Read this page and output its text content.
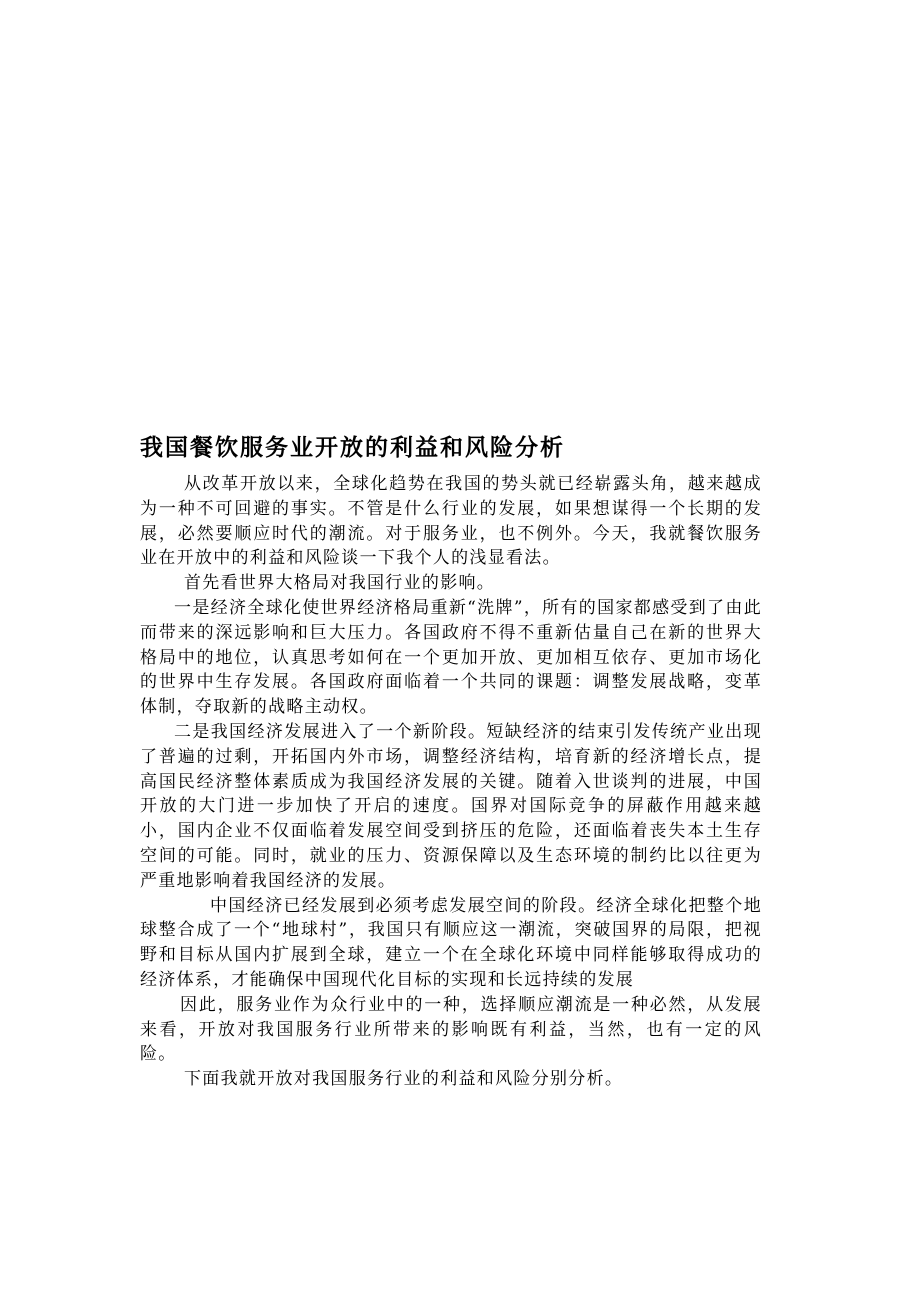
我国餐饮服务业开放的利益和风险分析

从改革开放以来，全球化趋势在我国的势头就已经崭露头角，越来越成为一种不可回避的事实。不管是什么行业的发展，如果想谋得一个长期的发展，必然要顺应时代的潮流。对于服务业，也不例外。今天，我就餐饮服务业在开放中的利益和风险谈一下我个人的浅显看法。

首先看世界大格局对我国行业的影响。

一是经济全球化使世界经济格局重新“洗牌”，所有的国家都感受到了由此而带来的深远影响和巨大压力。各国政府不得不重新估量自己在新的世界大格局中的地位，认真思考如何在一个更加开放、更加相互依存、更加市场化的世界中生存发展。各国政府面临着一个共同的课题：调整发展战略，变革体制，夺取新的战略主动权。

二是我国经济发展进入了一个新阶段。短缺经济的结束引发传统产业出现了普遍的过剩，开拓国内外市场，调整经济结构，培育新的经济增长点，提高国民经济整体素质成为我国经济发展的关键。随着入世谈判的进展，中国开放的大门进一步加快了开启的速度。国界对国际竞争的屏蔽作用越来越小，国内企业不仅面临着发展空间受到挤压的危险，还面临着丧失本土生存空间的可能。同时，就业的压力、资源保障以及生态环境的制约比以往更为严重地影响着我国经济的发展。

中国经济已经发展到必须考虑发展空间的阶段。经济全球化把整个地球整合成了一个“地球村”，我国只有顺应这一潮流，突破国界的局限，把视野和目标从国内扩展到全球，建立一个在全球化环境中同样能够取得成功的经济体系，才能确保中国现代化目标的实现和长远持续的发展

因此，服务业作为众行业中的一种，选择顺应潮流是一种必然，从发展来看，开放对我国服务行业所带来的影响既有利益，当然，也有一定的风险。

下面我就开放对我国服务行业的利益和风险分别分析。
